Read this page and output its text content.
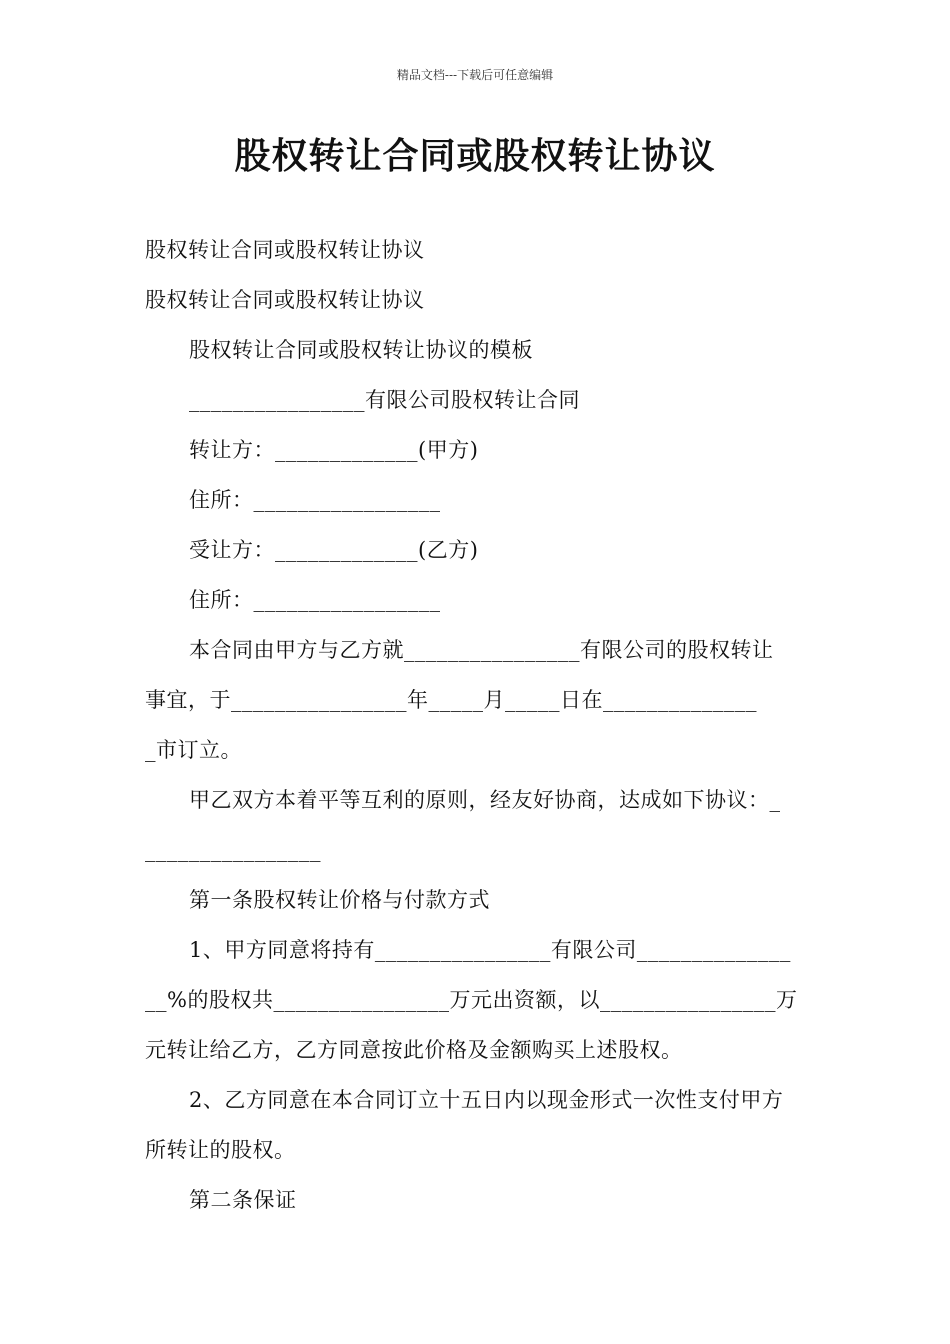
精品文档---下载后可任意编辑
股权转让合同或股权转让协议
股权转让合同或股权转让协议
股权转让合同或股权转让协议
股权转让合同或股权转让协议的模板
________________有限公司股权转让合同
转让方：_____________(甲方)
住所：_________________
受让方：_____________(乙方)
住所：_________________
本合同由甲方与乙方就________________有限公司的股权转让
事宜，于________________年_____月_____日在______________
_市订立。
甲乙双方本着平等互利的原则，经友好协商，达成如下协议：_
________________
第一条股权转让价格与付款方式
1、甲方同意将持有________________有限公司______________
__%的股权共________________万元出资额，以________________万
元转让给乙方，乙方同意按此价格及金额购买上述股权。
2、乙方同意在本合同订立十五日内以现金形式一次性支付甲方
所转让的股权。
第二条保证
